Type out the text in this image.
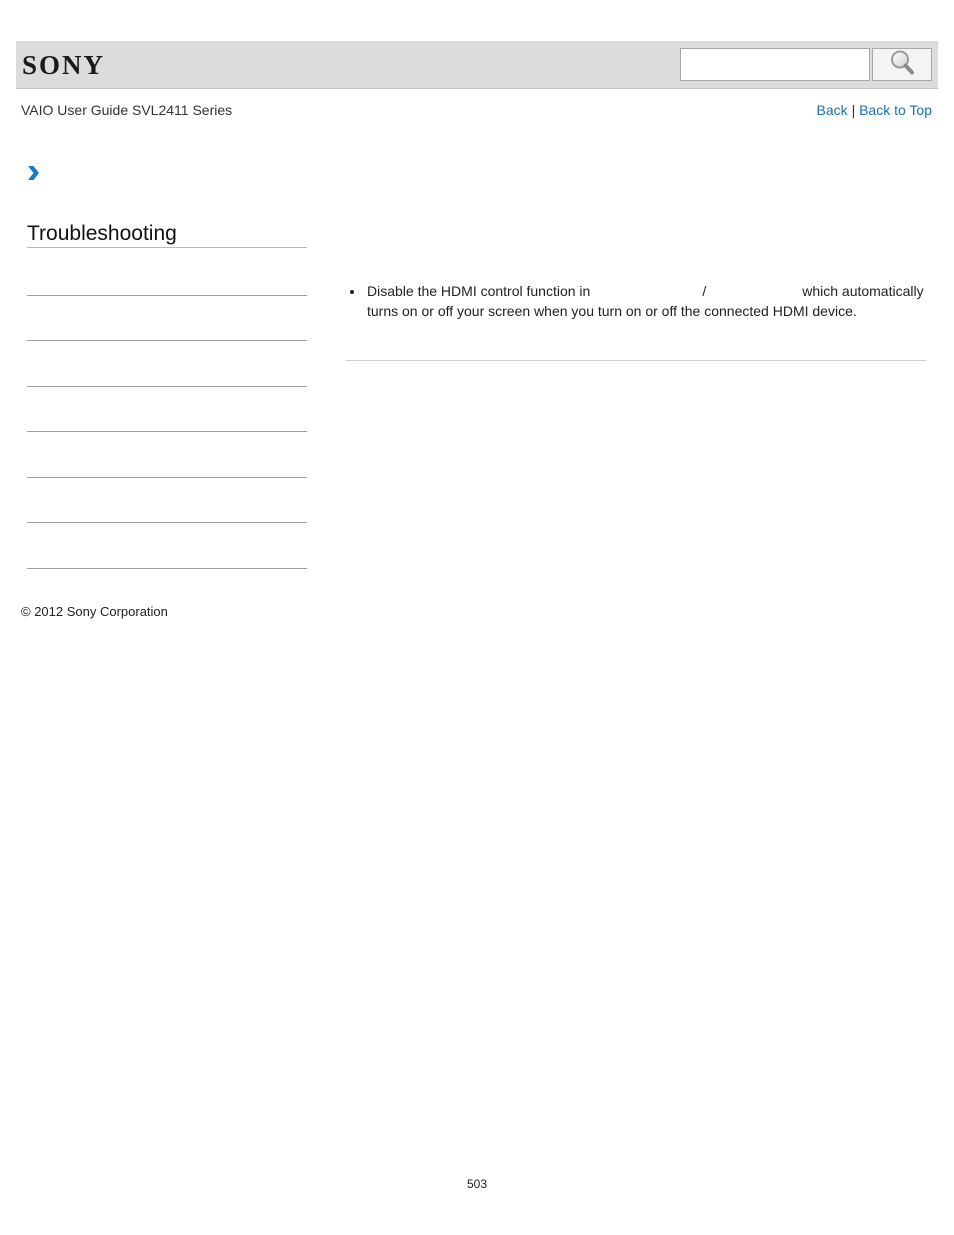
SONY
VAIO User Guide SVL2411 Series	Back | Back to Top
Troubleshooting
Disable the HDMI control function in	/	which automatically turns on or off your screen when you turn on or off the connected HDMI device.
© 2012 Sony Corporation
503
